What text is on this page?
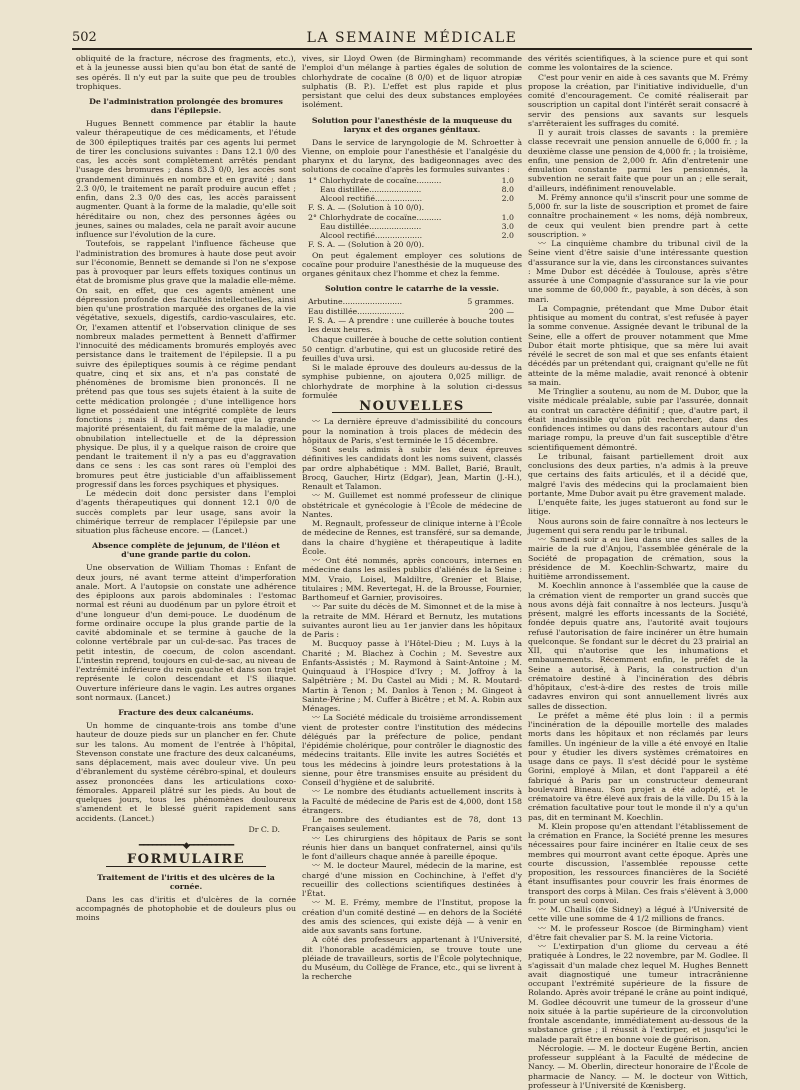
502	LA SEMAINE MÉDICALE

obliquité de la fracture, nécrose des fragments, etc.), et à la jeunesse aussi bien qu'au bon état de santé de ses opérés. Il n'y eut par la suite que peu de troubles trophiques.

De l'administration prolongée des bromures dans l'épilepsie.

Hugues Bennett commence par établir la haute valeur thérapeutique de ces médicaments, et l'étude de 300 épileptiques traités par ces agents lui permet de tirer les conclusions suivantes : Dans 12.1 0/0 des cas, les accès sont complètement arrêtés pendant l'usage des bromures ; dans 83.3 0/0, les accès sont grandement diminués en nombre et en gravité ; dans 2.3 0/0, le traitement ne paraît produire aucun effet ; enfin, dans 2.3 0/0 des cas, les accès paraissent augmenter. Quant à la forme de la maladie, qu'elle soit héréditaire ou non, chez des personnes âgées ou jeunes, saines ou malades, cela ne paraît avoir aucune influence sur l'évolution de la cure.

Toutefois, se rappelant l'influence fâcheuse que l'administration des bromures à haute dose peut avoir sur l'économie, Bennett se demande si l'on ne s'expose pas à provoquer par leurs effets toxiques continus un état de bromisme plus grave que la maladie elle-même. On sait, en effet, que ces agents amènent une dépression profonde des facultés intellectuelles, ainsi bien qu'une prostration marquée des organes de la vie végétative, sexuels, digestifs, cardio-vasculaires, etc. Or, l'examen attentif et l'observation clinique de ses nombreux malades permettent à Bennett d'affirmer l'innocuité des médicaments bromurés employés avec persistance dans le traitement de l'épilepsie. Il a pu suivre des épileptiques soumis à ce régime pendant quatre, cinq et six ans, et n'a pas constaté de phénomènes de bromisme bien prononcés. Il ne prétend pas que tous ses sujets étaient à la suite de cette médication prolongée ; d'une intelligence hors ligne et possédaient une intégrité complète de leurs fonctions ; mais il fait remarquer que la grande majorité présentaient, du fait même de la maladie, une obnubilation intellectuelle et de la dépression physique. De plus, il y a quelque raison de croire que pendant le traitement il n'y a pas eu d'aggravation dans ce sens : les cas sont rares où l'emploi des bromures peut être justiciable d'un affaiblissement progressif dans les forces psychiques et physiques.

Le médecin doit donc persister dans l'emploi d'agents thérapeutiques qui donnent 12.1 0/0 de succès complets par leur usage, sans avoir la chimérique terreur de remplacer l'épilepsie par une situation plus fâcheuse encore. — (Lancet.)

Absence complète de jejunum, de l'iléon et d'une grande partie du colon.

Une observation de William Thomas : Enfant de deux jours, né avant terme atteint d'imperforation anale. Mort. A l'autopsie on constate une adhérence des épiploons aux parois abdominales : l'estomac normal est réuni au duodénum par un pylore étroit et d'une longueur d'un demi-pouce. Le duodénum de forme ordinaire occupe la plus grande partie de la cavité abdominale et se termine à gauche de la colonne vertébrale par un cul-de-sac. Pas traces de petit intestin, de coecum, de colon ascendant. L'intestin reprend, toujours en cul-de-sac, au niveau de l'extrémité inférieure du rein gauche et dans son trajet représente le colon descendant et l'S iliaque. Ouverture inférieure dans le vagin. Les autres organes sont normaux. (Lancet.)

Fracture des deux calcanéums.

Un homme de cinquante-trois ans tombe d'une hauteur de douze pieds sur un plancher en fer. Chute sur les talons. Au moment de l'entrée à l'hôpital, Stevenson constate une fracture des deux calcanéums, sans déplacement, mais avec douleur vive. Un peu d'ébranlement du système cérébro-spinal, et douleurs assez prononcées dans les articulations coxo-fémorales. Appareil plâtré sur les pieds. Au bout de quelques jours, tous les phénomènes douloureux s'amendent et le blessé guérit rapidement sans accidents. (Lancet.)

Dr C. D.
━━━━━━━━━━◆━━━━━━━━━━
FORMULAIRE
Traitement de l'iritis et des ulcères de la cornée.

Dans les cas d'iritis et d'ulcères de la cornée accompagnés de photophobie et de douleurs plus ou moins

vives, sir Lloyd Owen (de Birmingham) recommande l'emploi d'un mélange à parties égales de solution de chlorhydrate de cocaïne (8 0/0) et de liquor atropiæ sulphatis (B. P.). L'effet est plus rapide et plus persistant que celui des deux substances employées isolément.

Solution pour l'anesthésie de la muqueuse du larynx et des organes génitaux.

Dans le service de laryngologie de M. Schroetter à Vienne, on emploie pour l'anesthésie et l'analgésie du pharynx et du larynx, des badigeonnages avec des solutions de cocaïne d'après les formules suivantes :

1° Chlorhydrate de cocaïne..........	1.0
Eau distillée.....................	8.0
Alcool rectifié...................	2.0
F. S. A. — (Solution à 10 0/0).
2° Chlorhydrate de cocaïne..........	1.0
Eau distillée.....................	3.0
Alcool rectifié...................	2.0
F. S. A. — (Solution à 20 0/0).

On peut également employer ces solutions de cocaïne pour produire l'anesthésie de la muqueuse des organes génitaux chez l'homme et chez la femme.

Solution contre le catarrhe de la vessie.
Arbutine........................	5 grammes.
Eau distillée...................	200 —
F. S. A. — A prendre : une cuillerée à bouche toutes les deux heures.

Chaque cuillerée à bouche de cette solution contient 50 centigr. d'arbutine, qui est un glucoside retiré des feuilles d'uva ursi.

Si le malade éprouve des douleurs au-dessus de la symphise pubienne, on ajoutera 0,025 milligr. de chlorhydrate de morphine à la solution ci-dessus formulée

NOUVELLES

〰 La dernière épreuve d'admissibilité du concours pour la nomination à trois places de médecin des hôpitaux de Paris, s'est terminée le 15 décembre.

Sont seuls admis à subir les deux épreuves définitives les candidats dont les noms suivent, classés par ordre alphabétique : MM. Ballet, Barié, Brault, Brocq, Gaucher, Hirtz (Edgar), Jean, Martin (J.-H.), Renault et Talamon.

〰 M. Guillemet est nommé professeur de clinique obstétricale et gynécologie à l'École de médecine de Nantes.

M. Regnault, professeur de clinique interne à l'École de médecine de Rennes, est transféré, sur sa demande, dans la chaire d'hygiène et thérapeutique à ladite École.

〰 Ont été nommés, après concours, internes en médecine dans les asiles publics d'aliénés de la Seine : MM. Vraio, Loisel, Maldiltre, Grenier et Blaise, titulaires ; MM. Revertegat, H. de la Brousse, Fournier, Barthomeuf et Garnier, provisoires.

〰 Par suite du décès de M. Simonnet et de la mise à la retraite de MM. Hérard et Bernutz, les mutations suivantes auront lieu au 1er janvier dans les hôpitaux de Paris :

M. Bucquoy passe à l'Hôtel-Dieu ; M. Luys à la Charité ; M. Blachez à Cochin ; M. Sevestre aux Enfants-Assistés ; M. Raymond à Saint-Antoine ; M. Quinquaud à l'Hospice d'Ivry ; M. Joffroy à la Salpêtrière ; M. Du Castel au Midi ; M. R. Moutard-Martin à Tenon ; M. Danlos à Tenon ; M. Gingeot à Sainte-Périne ; M. Cuffer à Bicêtre ; et M. A. Robin aux Ménages.

〰 La Société médicale du troisième arrondissement vient de protester contre l'institution des médecins délégués par la préfecture de police, pendant l'épidémie cholérique, pour contrôler le diagnostic des médecins traitants. Elle invite les autres Sociétés et tous les médecins à joindre leurs protestations à la sienne, pour être transmises ensuite au président du Conseil d'hygiène et de salubrité.

〰 Le nombre des étudiants actuellement inscrits à la Faculté de médecine de Paris est de 4,000, dont 158 étrangers.

Le nombre des étudiantes est de 78, dont 13 Françaises seulement.

〰 Les chirurgiens des hôpitaux de Paris se sont réunis hier dans un banquet confraternel, ainsi qu'ils le font d'ailleurs chaque année à pareille époque.

〰 M. le docteur Maurel, médecin de la marine, est chargé d'une mission en Cochinchine, à l'effet d'y recueillir des collections scientifiques destinées à l'État.

〰 M. E. Frémy, membre de l'Institut, propose la création d'un comité destiné — en dehors de la Société des amis des sciences, qui existe déjà — à venir en aide aux savants sans fortune.

A côté des professeurs appartenant à l'Université, dit l'honorable académicien, se trouve toute une pléiade de travailleurs, sortis de l'École polytechnique, du Muséum, du Collège de France, etc., qui se livrent à la recherche

des vérités scientifiques, à la science pure et qui sont comme les volontaires de la science.

C'est pour venir en aide à ces savants que M. Frémy propose la création, par l'initiative individuelle, d'un comité d'encouragement. Ce comité réaliserait par souscription un capital dont l'intérêt serait consacré à servir des pensions aux savants sur lesquels s'arrêteraient les suffrages du comité.

Il y aurait trois classes de savants : la première classe recevrait une pension annuelle de 6,000 fr. ; la deuxième classe une pension de 4,000 fr. ; la troisième, enfin, une pension de 2,000 fr. Afin d'entretenir une émulation constante parmi les pensionnés, la subvention ne serait faite que pour un an ; elle serait, d'ailleurs, indéfiniment renouvelable.

M. Frémy annonce qu'il s'inscrit pour une somme de 5,000 fr. sur la liste de souscription et promet de faire connaître prochainement « les noms, déjà nombreux, de ceux qui veulent bien prendre part à cette souscription. »

〰 La cinquième chambre du tribunal civil de la Seine vient d'être saisie d'une intéressante question d'assurance sur la vie, dans les circonstances suivantes : Mme Dubor est décédée à Toulouse, après s'être assurée à une Compagnie d'assurance sur la vie pour une somme de 60,000 fr., payable, à son décès, à son mari.

La Compagnie, prétendant que Mme Dubor était phtisique au moment du contrat, s'est refusée à payer la somme convenue. Assignée devant le tribunal de la Seine, elle a offert de prouver notamment que Mme Dubor était morte phtisique, que sa mère lui avait révélé le secret de son mal et que ses enfants étaient décédés par un prétendant qui, craignant qu'elle ne fût atteinte de la même maladie, avait renoncé à obtenir sa main.

Me Tringlier a soutenu, au nom de M. Dubor, que la visite médicale préalable, subie par l'assurée, donnait au contrat un caractère définitif ; que, d'autre part, il était inadmissible qu'on pût rechercher, dans des confidences intimes ou dans des racontars autour d'un mariage rompu, la preuve d'un fait susceptible d'être scientifiquement démontré.

Le tribunal, faisant partiellement droit aux conclusions des deux parties, n'a admis à la preuve que certains des faits articulés, et il a décidé que, malgré l'avis des médecins qui la proclamaient bien portante, Mme Dubor avait pu être gravement malade.

L'enquête faite, les juges statueront au fond sur le litige.

Nous aurons soin de faire connaître à nos lecteurs le jugement qui sera rendu par le tribunal.

〰 Samedi soir a eu lieu dans une des salles de la mairie de la rue d'Anjou, l'assemblée générale de la Société de propagation de crémation, sous la présidence de M. Koechlin-Schwartz, maire du huitième arrondissement.

M. Koechlin annonce à l'assemblée que la cause de la crémation vient de remporter un grand succès que nous avons déjà fait connaître à nos lecteurs. Jusqu'à présent, malgré les efforts incessants de la Société, fondée depuis quatre ans, l'autorité avait toujours refusé l'autorisation de faire incinérer un être humain quelconque. Se fondant sur le décret du 23 prairial an XII, qui n'autorise que les inhumations et embaumements. Récemment enfin, le préfet de la Seine a autorisé, à Paris, la construction d'un crématoire destiné à l'incinération des débris d'hôpitaux, c'est-à-dire des restes de trois mille cadavres environ qui sont annuellement livrés aux salles de dissection.

Le préfet a même été plus loin : il a permis l'incinération de la dépouille mortelle des malades morts dans les hôpitaux et non réclamés par leurs familles. Un ingénieur de la ville a été envoyé en Italie pour y étudier les divers systèmes crématoires en usage dans ce pays. Il s'est décidé pour le système Gorini, employé à Milan, et dont l'appareil a été fabriqué à Paris par un constructeur demeurant boulevard Bineau. Son projet a été adopté, et le crématoire va être élevé aux frais de la ville. Du 15 à la crémation facultative pour tout le monde il n'y a qu'un pas, dit en terminant M. Koechlin.

M. Klein propose qu'en attendant l'établissement de la crémation en France, la Société prenne les mesures nécessaires pour faire incinérer en Italie ceux de ses membres qui mourront avant cette époque. Après une courte discussion, l'assemblée repousse cette proposition, les ressources financières de la Société étant insuffisantes pour couvrir les frais énormes de transport des corps à Milan. Ces frais s'élèvent à 3,000 fr. pour un seul convoi.

〰 M. Challis (de Sidney) a légué à l'Université de cette ville une somme de 4 1/2 millions de francs.

〰 M. le professeur Roscoe (de Birmingham) vient d'être fait chevalier par S. M. la reine Victoria.

〰 L'extirpation d'un gliome du cerveau a été pratiquée à Londres, le 22 novembre, par M. Godlee. Il s'agissait d'un malade chez lequel M. Hughes Bennett avait diagnostiqué une tumeur intracrânienne occupant l'extrémité supérieure de la fissure de Rolando. Après avoir trépané le crâne au point indiqué, M. Godlee découvrit une tumeur de la grosseur d'une noix située à la partie supérieure de la circonvolution frontale ascendante, immédiatement au-dessous de la substance grise ; il réussit à l'extirper, et jusqu'ici le malade paraît être en bonne voie de guérison.

Nécrologie. — M. le docteur Eugène Bertin, ancien professeur suppléant à la Faculté de médecine de Nancy. — M. Oberlin, directeur honoraire de l'École de pharmacie de Nancy. — M. le docteur von Wittich, professeur à l'Université de Kœnisberg.
